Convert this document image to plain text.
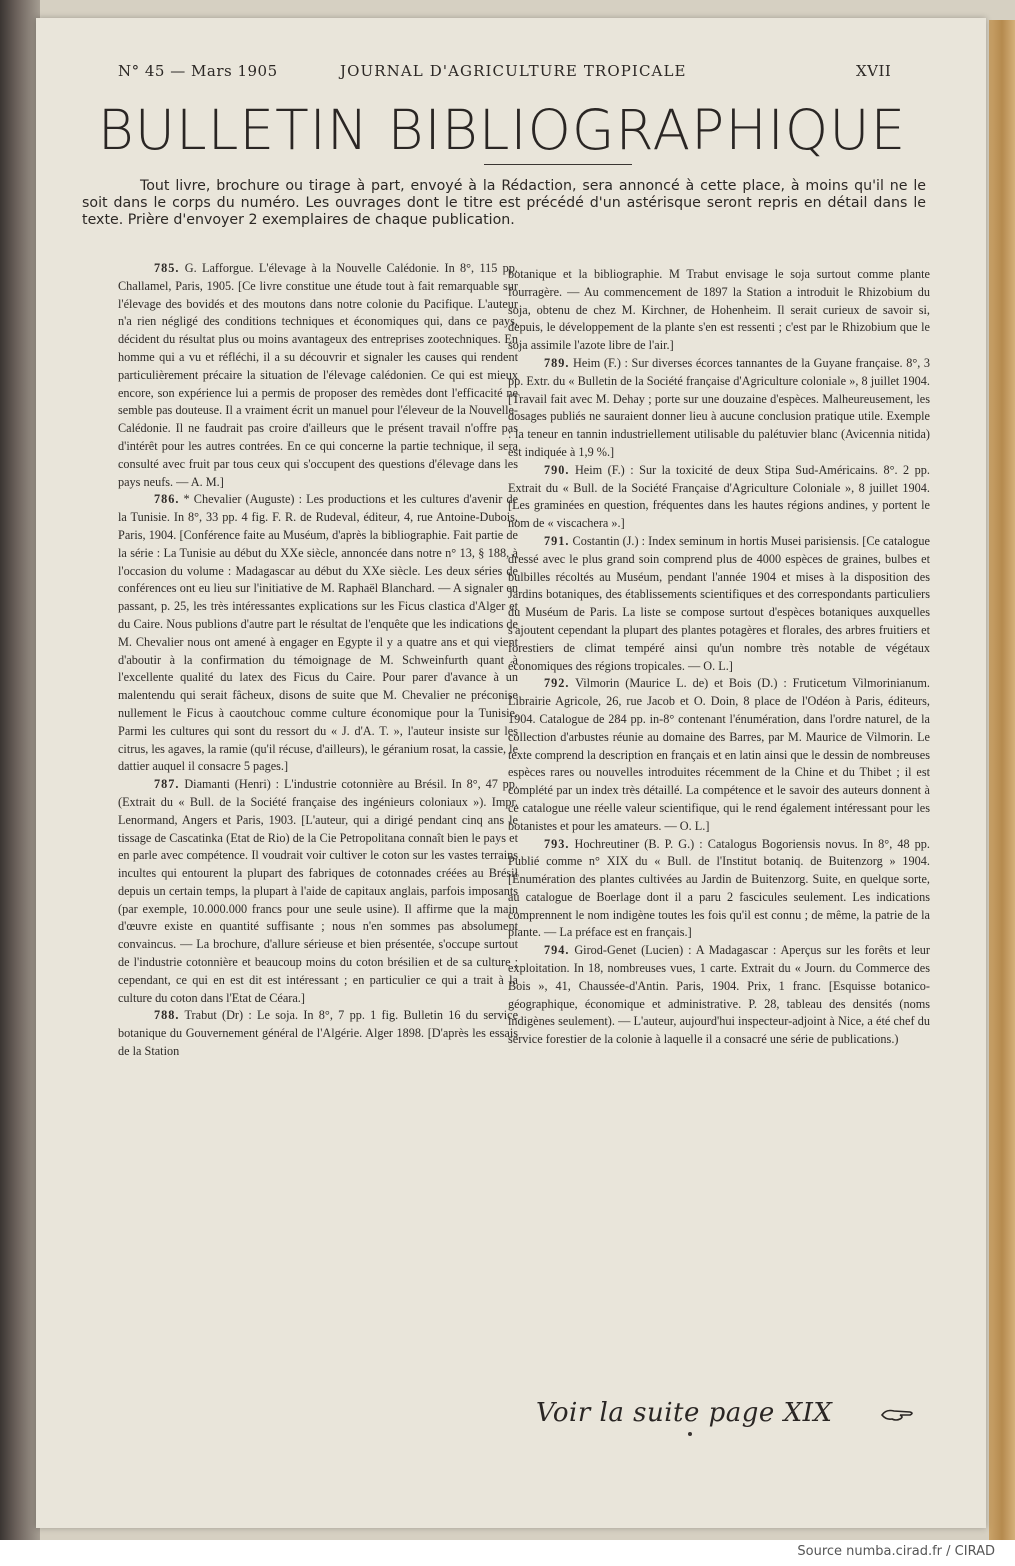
N° 45 — Mars 1905	JOURNAL D'AGRICULTURE TROPICALE	XVII
BULLETIN BIBLIOGRAPHIQUE
Tout livre, brochure ou tirage à part, envoyé à la Rédaction, sera annoncé à cette place, à moins qu'il ne le soit dans le corps du numéro. Les ouvrages dont le titre est précédé d'un astérisque seront repris en détail dans le texte. Prière d'envoyer 2 exemplaires de chaque publication.

785. G. Lafforgue. L'élevage à la Nouvelle Calédonie. In 8°, 115 pp. Challamel, Paris, 1905. [Ce livre constitue une étude tout à fait remarquable sur l'élevage des bovidés et des moutons dans notre colonie du Pacifique. L'auteur n'a rien négligé des conditions techniques et économiques qui, dans ce pays, décident du résultat plus ou moins avantageux des entreprises zootechniques. En homme qui a vu et réfléchi, il a su découvrir et signaler les causes qui rendent particulièrement précaire la situation de l'élevage calédonien. Ce qui est mieux encore, son expérience lui a permis de proposer des remèdes dont l'efficacité ne semble pas douteuse. Il a vraiment écrit un manuel pour l'éleveur de la Nouvelle-Calédonie. Il ne faudrait pas croire d'ailleurs que le présent travail n'offre pas d'intérêt pour les autres contrées. En ce qui concerne la partie technique, il sera consulté avec fruit par tous ceux qui s'occupent des questions d'élevage dans les pays neufs. — A. M.]

786. * Chevalier (Auguste) : Les productions et les cultures d'avenir de la Tunisie. In 8°, 33 pp. 4 fig. F. R. de Rudeval, éditeur, 4, rue Antoine-Dubois, Paris, 1904. [Conférence faite au Muséum, d'après la bibliographie. Fait partie de la série : La Tunisie au début du XXe siècle, annoncée dans notre n° 13, § 188, à l'occasion du volume : Madagascar au début du XXe siècle. Les deux séries de conférences ont eu lieu sur l'initiative de M. Raphaël Blanchard. — A signaler en passant, p. 25, les très intéressantes explications sur les Ficus clastica d'Alger et du Caire. Nous publions d'autre part le résultat de l'enquête que les indications de M. Chevalier nous ont amené à engager en Egypte il y a quatre ans et qui vient d'aboutir à la confirmation du témoignage de M. Schweinfurth quant à l'excellente qualité du latex des Ficus du Caire. Pour parer d'avance à un malentendu qui serait fâcheux, disons de suite que M. Chevalier ne préconise nullement le Ficus à caoutchouc comme culture économique pour la Tunisie. Parmi les cultures qui sont du ressort du « J. d'A. T. », l'auteur insiste sur les citrus, les agaves, la ramie (qu'il récuse, d'ailleurs), le géranium rosat, la cassie, le dattier auquel il consacre 5 pages.]

787. Diamanti (Henri) : L'industrie cotonnière au Brésil. In 8°, 47 pp. (Extrait du « Bull. de la Société française des ingénieurs coloniaux »). Impr. Lenormand, Angers et Paris, 1903. [L'auteur, qui a dirigé pendant cinq ans le tissage de Cascatinka (Etat de Rio) de la Cie Petropolitana connaît bien le pays et en parle avec compétence. Il voudrait voir cultiver le coton sur les vastes terrains incultes qui entourent la plupart des fabriques de cotonnades créées au Brésil depuis un certain temps, la plupart à l'aide de capitaux anglais, parfois imposants (par exemple, 10.000.000 francs pour une seule usine). Il affirme que la main d'œuvre existe en quantité suffisante ; nous n'en sommes pas absolument convaincus. — La brochure, d'allure sérieuse et bien présentée, s'occupe surtout de l'industrie cotonnière et beaucoup moins du coton brésilien et de sa culture ; cependant, ce qui en est dit est intéressant ; en particulier ce qui a trait à la culture du coton dans l'Etat de Céara.]

788. Trabut (Dr) : Le soja. In 8°, 7 pp. 1 fig. Bulletin 16 du service botanique du Gouvernement général de l'Algérie. Alger 1898. [D'après les essais de la Station

botanique et la bibliographie. M Trabut envisage le soja surtout comme plante fourragère. — Au commencement de 1897 la Station a introduit le Rhizobium du soja, obtenu de chez M. Kirchner, de Hohenheim. Il serait curieux de savoir si, depuis, le développement de la plante s'en est ressenti ; c'est par le Rhizobium que le soja assimile l'azote libre de l'air.]

789. Heim (F.) : Sur diverses écorces tannantes de la Guyane française. 8°, 3 pp. Extr. du « Bulletin de la Société française d'Agriculture coloniale », 8 juillet 1904. [Travail fait avec M. Dehay ; porte sur une douzaine d'espèces. Malheureusement, les dosages publiés ne sauraient donner lieu à aucune conclusion pratique utile. Exemple : la teneur en tannin industriellement utilisable du palétuvier blanc (Avicennia nitida) est indiquée à 1,9 %.]

790. Heim (F.) : Sur la toxicité de deux Stipa Sud-Américains. 8°. 2 pp. Extrait du « Bull. de la Société Française d'Agriculture Coloniale », 8 juillet 1904. [Les graminées en question, fréquentes dans les hautes régions andines, y portent le nom de « viscachera ».]

791. Costantin (J.) : Index seminum in hortis Musei parisiensis. [Ce catalogue dressé avec le plus grand soin comprend plus de 4000 espèces de graines, bulbes et bulbilles récoltés au Muséum, pendant l'année 1904 et mises à la disposition des Jardins botaniques, des établissements scientifiques et des correspondants particuliers du Muséum de Paris. La liste se compose surtout d'espèces botaniques auxquelles s'ajoutent cependant la plupart des plantes potagères et florales, des arbres fruitiers et forestiers de climat tempéré ainsi qu'un nombre très notable de végétaux économiques des régions tropicales. — O. L.]

792. Vilmorin (Maurice L. de) et Bois (D.) : Fruticetum Vilmorinianum. Librairie Agricole, 26, rue Jacob et O. Doin, 8 place de l'Odéon à Paris, éditeurs, 1904. Catalogue de 284 pp. in-8° contenant l'énumération, dans l'ordre naturel, de la collection d'arbustes réunie au domaine des Barres, par M. Maurice de Vilmorin. Le texte comprend la description en français et en latin ainsi que le dessin de nombreuses espèces rares ou nouvelles introduites récemment de la Chine et du Thibet ; il est complété par un index très détaillé. La compétence et le savoir des auteurs donnent à ce catalogue une réelle valeur scientifique, qui le rend également intéressant pour les botanistes et pour les amateurs. — O. L.]

793. Hochreutiner (B. P. G.) : Catalogus Bogoriensis novus. In 8°, 48 pp. Publié comme n° XIX du « Bull. de l'Institut botaniq. de Buitenzorg » 1904. [Énumération des plantes cultivées au Jardin de Buitenzorg. Suite, en quelque sorte, au catalogue de Boerlage dont il a paru 2 fascicules seulement. Les indications comprennent le nom indigène toutes les fois qu'il est connu ; de même, la patrie de la plante. — La préface est en français.]

794. Girod-Genet (Lucien) : A Madagascar : Aperçus sur les forêts et leur exploitation. In 18, nombreuses vues, 1 carte. Extrait du « Journ. du Commerce des Bois », 41, Chaussée-d'Antin. Paris, 1904. Prix, 1 franc. [Esquisse botanico-géographique, économique et administrative. P. 28, tableau des densités (noms indigènes seulement). — L'auteur, aujourd'hui inspecteur-adjoint à Nice, a été chef du service forestier de la colonie à laquelle il a consacré une série de publications.)

Voir la suite page XIX
Source numba.cirad.fr / CIRAD
